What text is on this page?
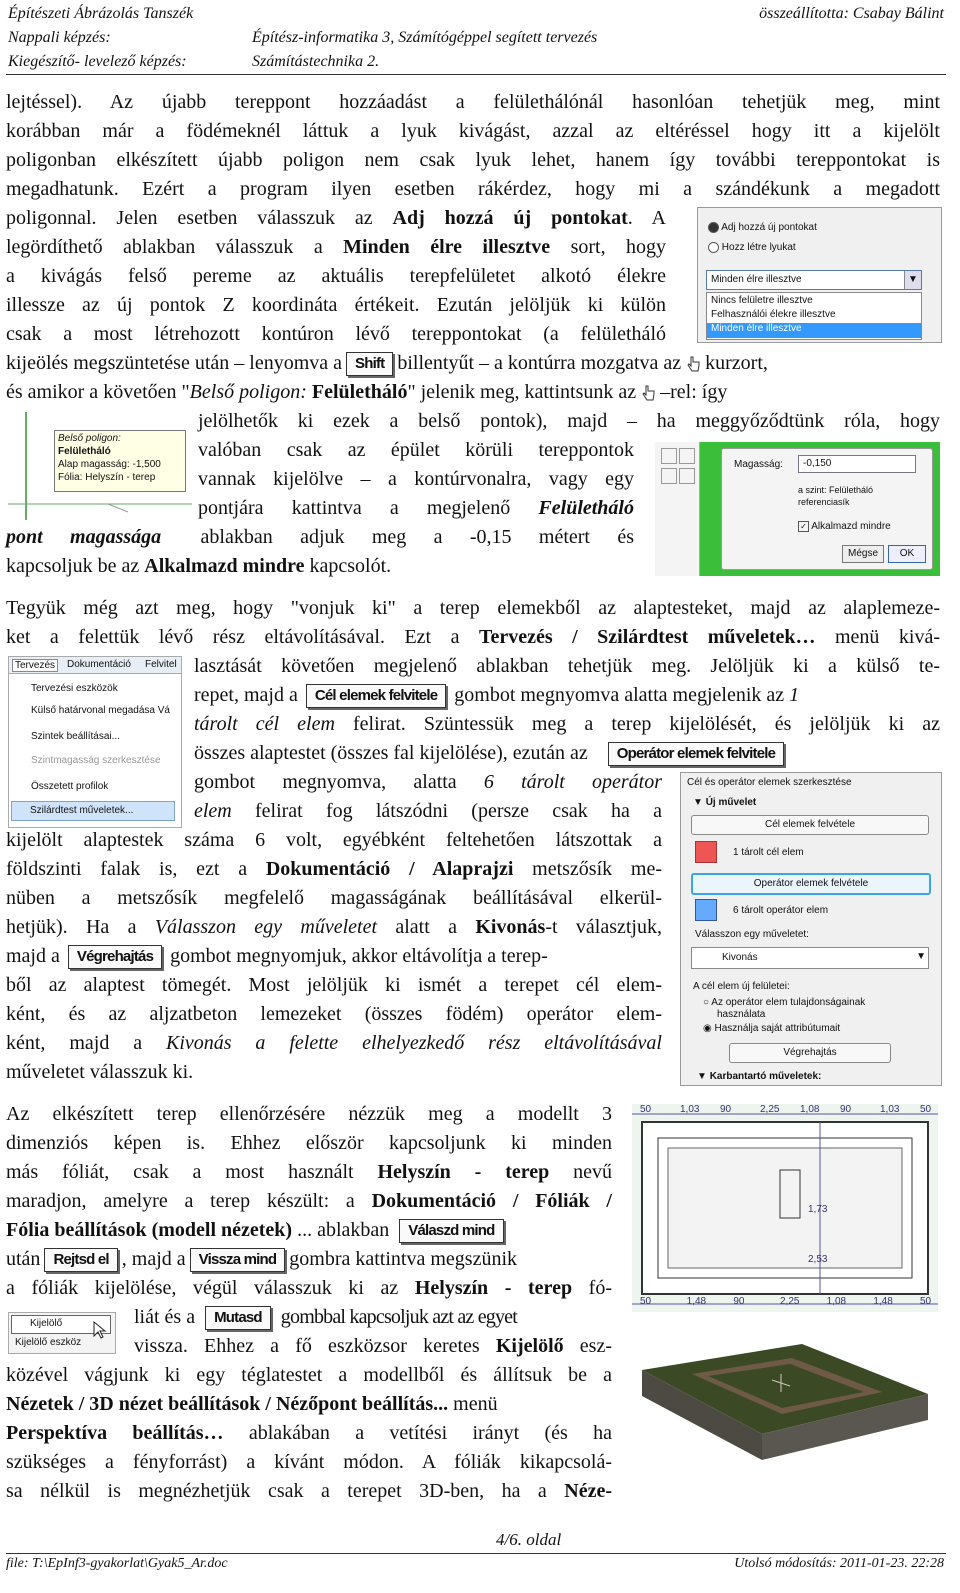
Építészeti Ábrázolás Tanszék
Nappali képzés:
Kiegészítő- levelező képzés:
Építész-informatika 3, Számítógéppel segített tervezés
Számítástechnika 2.
összeállította: Csabay Bálint
lejtéssel). Az újabb tereppont hozzáadást a felülethálónál hasonlóan tehetjük meg, mint
korábban már a födémeknél láttuk a lyuk kivágást, azzal az eltéréssel hogy itt a kijelölt
poligonban elkészített újabb poligon nem csak lyuk lehet, hanem így további tereppontokat is
megadhatunk. Ezért a program ilyen esetben rákérdez, hogy mi a szándékunk a megadott
poligonnal. Jelen esetben válasszuk az Adj hozzá új pontokat. A
legördíthető ablakban válasszuk a Minden élre illesztve sort, hogy
a kivágás felső pereme az aktuális terepfelületet alkotó élekre
illessze az új pontok Z koordináta értékeit. Ezután jelöljük ki külön
csak a most létrehozott kontúron lévő tereppontokat (a felületháló
kijeölés megszüntetése után – lenyomva a Shift billentyűt – a kontúrra mozgatva az kurzort,
és amikor a követően "Belső poligon: Felületháló" jelenik meg, kattintsunk az –rel: így
jelölhetők ki ezek a belső pontok), majd – ha meggyőződtünk róla, hogy
valóban csak az épület körüli tereppontok
vannak kijelölve – a kontúrvonalra, vagy egy
pontjára kattintva a megjelenő Felületháló
pont magassága ablakban adjuk meg a -0,15 métert és
kapcsoljuk be az Alkalmazd mindre kapcsolót.
Adj hozzá új pontokat
Hozz létre lyukat
Minden élre illesztve	▼
Nincs felületre illesztve
Felhasználói élekre illesztve
Minden élre illesztve
Belső poligon:
Felületháló
Alap magasság: -1,500
Fólia: Helyszín - terep
Magasság: -0,150
a szint: Felületháló
referenciasík
✓ Alkalmazd mindre
Mégse	OK
Tegyük még azt meg, hogy "vonjuk ki" a terep elemekből az alaptesteket, majd az alaplemeze-
ket a felettük lévő rész eltávolításával. Ezt a Tervezés / Szilárdtest műveletek… menü kivá-
lasztását követően megjelenő ablakban tehetjük meg. Jelöljük ki a külső te-
repet, majd a Cél elemek felvitele gombot megnyomva alatta megjelenik az 1
tárolt cél elem felirat. Szüntessük meg a terep kijelölését, és jelöljük ki az
összes alaptestet (összes fal kijelölése), ezután az Operátor elemek felvitele
gombot megnyomva, alatta 6 tárolt operátor
elem felirat fog látszódni (persze csak ha a
kijelölt alaptestek száma 6 volt, egyébként feltehetően látszottak a
földszinti falak is, ezt a Dokumentáció / Alaprajzi metszősík me-
nüben a metszősík megfelelő magasságának beállításával elkerül-
hetjük). Ha a Válasszon egy műveletet alatt a Kivonás-t választjuk,
majd a Végrehajtás gombot megnyomjuk, akkor eltávolítja a terep-
ből az alaptest tömegét. Most jelöljük ki ismét a terepet cél elem-
ként, és az aljzatbeton lemezeket (összes födém) operátor elem-
ként, majd a Kivonás a felette elhelyezkedő rész eltávolításával
műveletet válasszuk ki.
Tervezés	Dokumentáció Felvitel
Tervezési eszközök
Külső határvonal megadása Vá
Szintek beállításai...
Szintmagasság szerkesztése
Összetett profilok
Szilárdtest műveletek...
Cél és operátor elemek szerkesztése
▼ Új művelet
Cél elemek felvétele
1 tárolt cél elem
Operátor elemek felvétele
6 tárolt operátor elem
Válasszon egy műveletet:
Kivonás	▼
A cél elem új felületei:
○ Az operátor elem tulajdonságainak
használata
◉ Használja saját attribútumait
Végrehajtás
▼ Karbantartó műveletek:
Az elkészített terep ellenőrzésére nézzük meg a modellt 3
dimenziós képen is. Ehhez először kapcsoljunk ki minden
más fóliát, csak a most használt Helyszín - terep nevű
maradjon, amelyre a terep készült: a Dokumentáció / Fóliák /
Fólia beállítások (modell nézetek) ... ablakban Válaszd mind
után Rejtsd el , majd a Vissza mind gombra kattintva megszünik
a fóliák kijelölése, végül válasszuk ki az Helyszín - terep fó-
liát és a Mutasd gombbal kapcsoljuk azt az egyet
vissza. Ehhez a fő eszközsor keretes Kijelölő esz-
közével vágjunk ki egy téglatestet a modellből és állítsuk be a
Nézetek / 3D nézet beállítások / Nézőpont beállítás... menü
Perspektíva beállítás… ablakában a vetítési irányt (és ha
szükséges a fényforrást) a kívánt módon. A fóliák kikapcsolá-
sa nélkül is megnézhetjük csak a terepet 3D-ben, ha a Néze-
Kijelölő
Kijelölő eszköz
50	1,03 90	2,25 1,08 90	1,03 50
50	1,48	90	2,25	1,08	1,48	50
1,73
2,53
4/6. oldal
file: T:\EpInf3-gyakorlat\Gyak5_Ar.doc	Utolsó módosítás: 2011-01-23. 22:28
